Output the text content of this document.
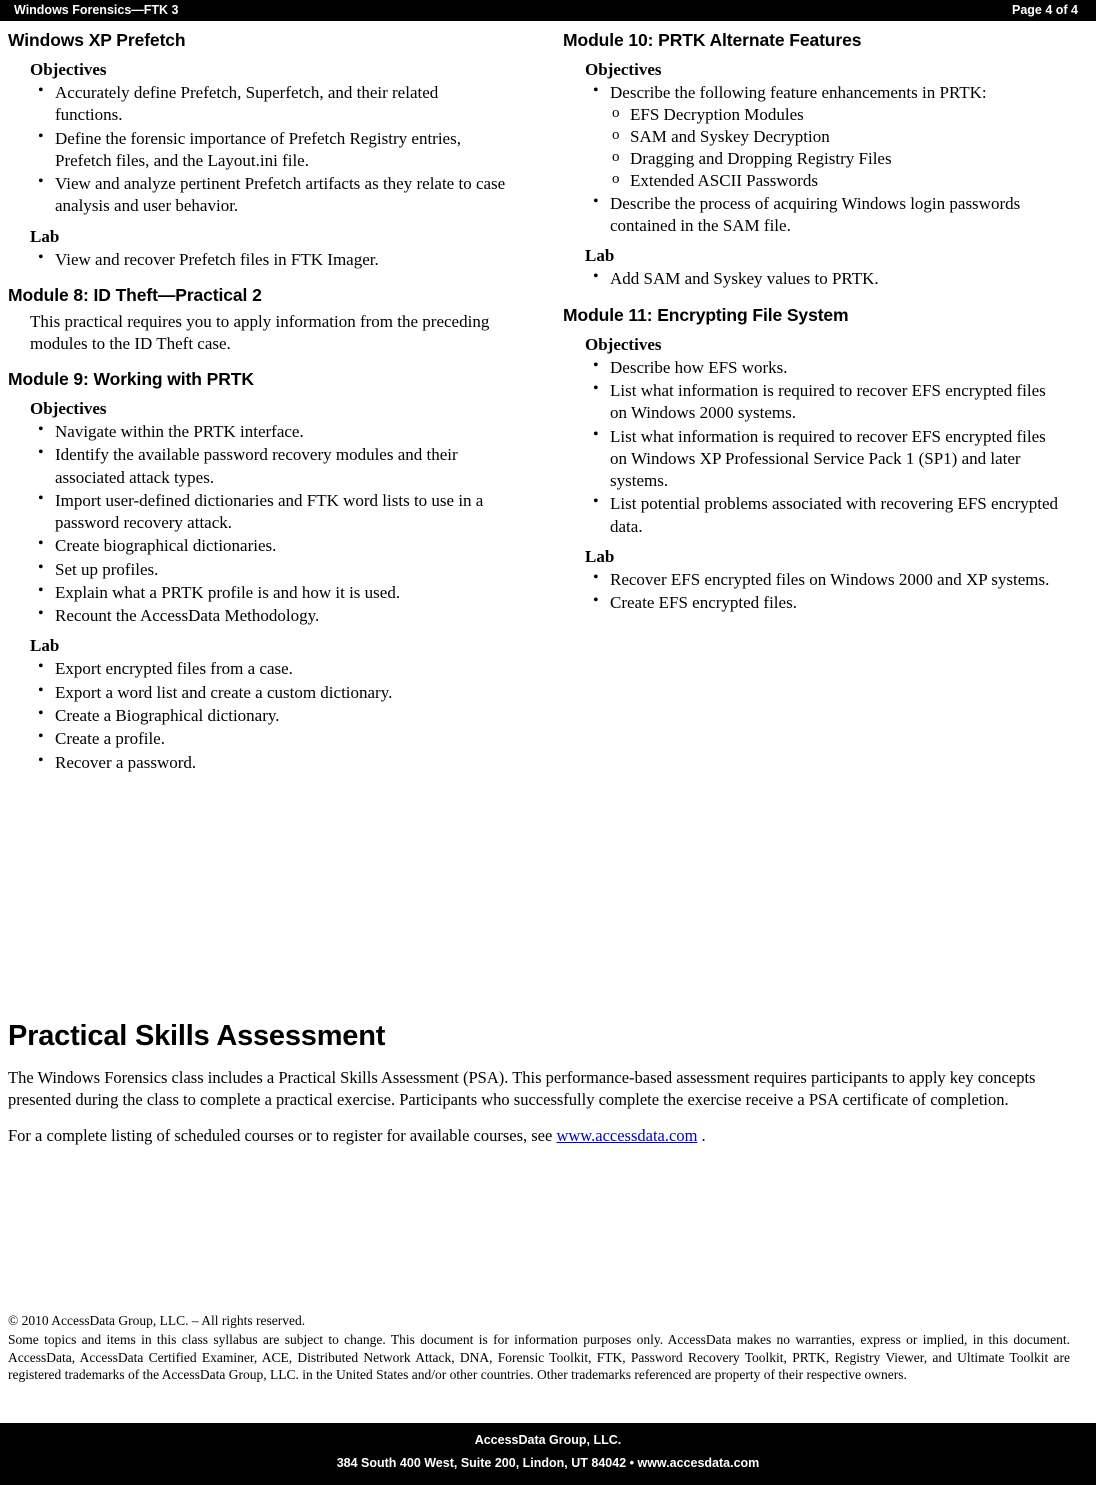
Windows Forensics—FTK 3	Page 4 of 4
Windows XP Prefetch
Objectives
• Accurately define Prefetch, Superfetch, and their related functions.
• Define the forensic importance of Prefetch Registry entries, Prefetch files, and the Layout.ini file.
• View and analyze pertinent Prefetch artifacts as they relate to case analysis and user behavior.
Lab
• View and recover Prefetch files in FTK Imager.
Module 8: ID Theft—Practical 2

This practical requires you to apply information from the preceding modules to the ID Theft case.

Module 9: Working with PRTK
Objectives
• Navigate within the PRTK interface.
• Identify the available password recovery modules and their associated attack types.
• Import user-defined dictionaries and FTK word lists to use in a password recovery attack.
• Create biographical dictionaries.
• Set up profiles.
• Explain what a PRTK profile is and how it is used.
• Recount the AccessData Methodology.
Lab
• Export encrypted files from a case.
• Export a word list and create a custom dictionary.
• Create a Biographical dictionary.
• Create a profile.
• Recover a password.
Module 10: PRTK Alternate Features
Objectives
• Describe the following feature enhancements in PRTK:
o EFS Decryption Modules
o SAM and Syskey Decryption
o Dragging and Dropping Registry Files
o Extended ASCII Passwords
• Describe the process of acquiring Windows login passwords contained in the SAM file.
Lab
• Add SAM and Syskey values to PRTK.
Module 11: Encrypting File System
Objectives
• Describe how EFS works.
• List what information is required to recover EFS encrypted files on Windows 2000 systems.
• List what information is required to recover EFS encrypted files on Windows XP Professional Service Pack 1 (SP1) and later systems.
• List potential problems associated with recovering EFS encrypted data.
Lab
• Recover EFS encrypted files on Windows 2000 and XP systems.
• Create EFS encrypted files.
Practical Skills Assessment

The Windows Forensics class includes a Practical Skills Assessment (PSA). This performance-based assessment requires participants to apply key concepts presented during the class to complete a practical exercise. Participants who successfully complete the exercise receive a PSA certificate of completion.

For a complete listing of scheduled courses or to register for available courses, see www.accessdata.com .

© 2010 AccessData Group, LLC. – All rights reserved.
Some topics and items in this class syllabus are subject to change. This document is for information purposes only. AccessData makes no warranties, express or implied, in this document. AccessData, AccessData Certified Examiner, ACE, Distributed Network Attack, DNA, Forensic Toolkit, FTK, Password Recovery Toolkit, PRTK, Registry Viewer, and Ultimate Toolkit are registered trademarks of the AccessData Group, LLC. in the United States and/or other countries. Other trademarks referenced are property of their respective owners.
AccessData Group, LLC.
384 South 400 West, Suite 200, Lindon, UT 84042 • www.accesdata.com
